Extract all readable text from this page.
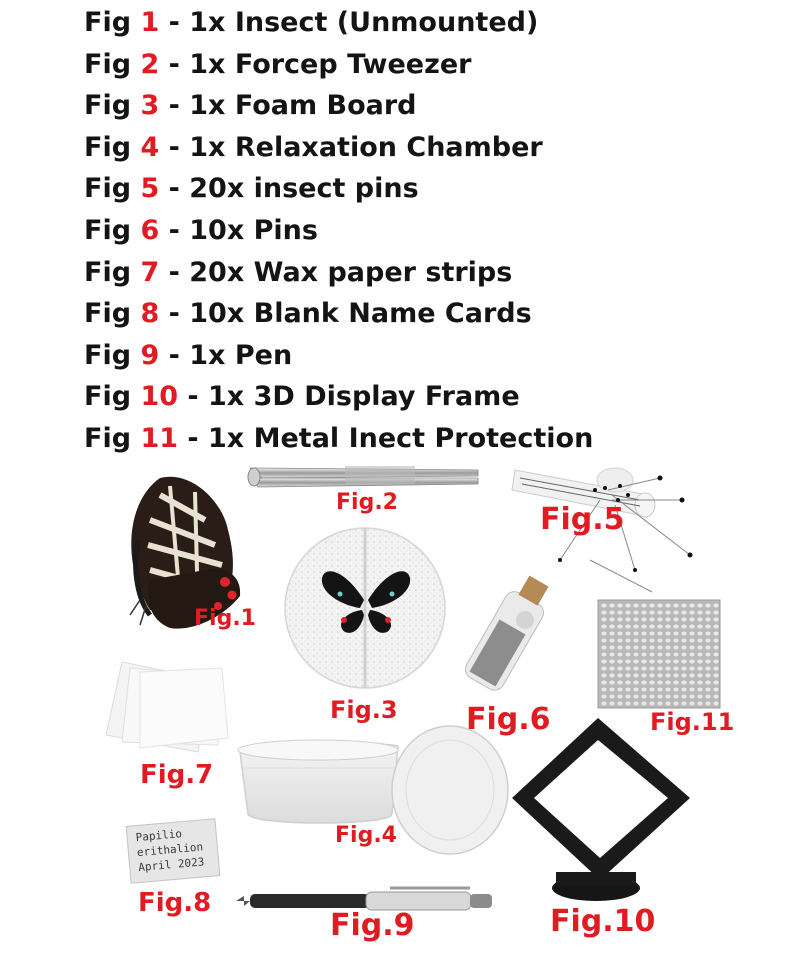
Fig 1 - 1x Insect (Unmounted)
Fig 2 - 1x Forcep Tweezer
Fig 3 - 1x Foam Board
Fig 4 - 1x Relaxation Chamber
Fig 5 - 20x insect pins
Fig 6 - 10x Pins
Fig 7 - 20x Wax paper strips
Fig 8 - 10x Blank Name Cards
Fig 9 - 1x Pen
Fig 10 - 1x 3D Display Frame
Fig 11 - 1x Metal Inect Protection
Papilio
erithalion
April 2023
Fig.1
Fig.2
Fig.3
Fig.4
Fig.5
Fig.6
Fig.7
Fig.8
Fig.9	Fig.10
Fig.11
